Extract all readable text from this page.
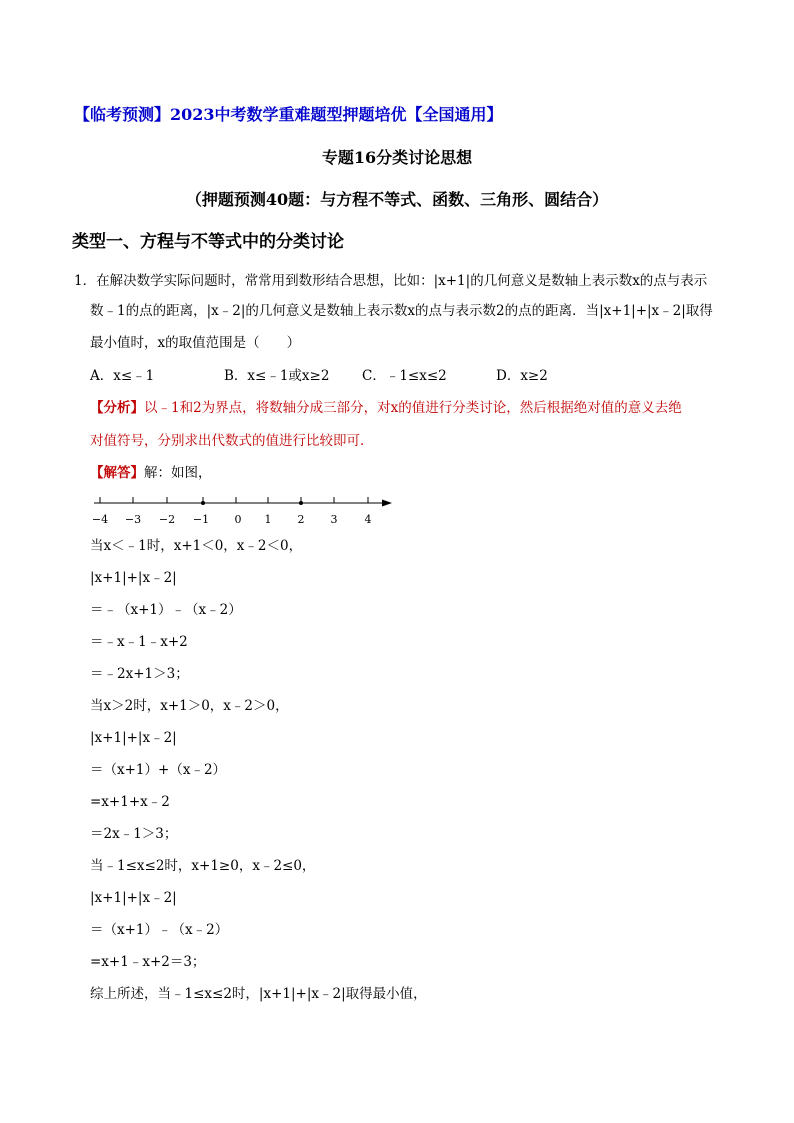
【临考预测】2023中考数学重难题型押题培优【全国通用】
专题16分类讨论思想
（押题预测40题：与方程不等式、函数、三角形、圆结合）
类型一、方程与不等式中的分类讨论
1．在解决数学实际问题时，常常用到数形结合思想，比如：|x+1|的几何意义是数轴上表示数x的点与表示
数﹣1的点的距离，|x﹣2|的几何意义是数轴上表示数x的点与表示数2的点的距离．当|x+1|+|x﹣2|取得
最小值时，x的取值范围是（　　）
A．x≤﹣1	B．x≤﹣1或x≥2 C．﹣1≤x≤2	D．x≥2
【分析】以﹣1和2为界点，将数轴分成三部分，对x的值进行分类讨论，然后根据绝对值的意义去绝
对值符号，分别求出代数式的值进行比较即可．
【解答】解：如图，
−4 −3 −2 −1 0 1 2 3 4
当x＜﹣1时，x+1＜0，x﹣2＜0，
|x+1|+|x﹣2|
＝﹣（x+1）﹣（x﹣2）
＝﹣x﹣1﹣x+2
＝﹣2x+1＞3；
当x＞2时，x+1＞0，x﹣2＞0，
|x+1|+|x﹣2|
＝（x+1）+（x﹣2）
=x+1+x﹣2
＝2x﹣1＞3；
当﹣1≤x≤2时，x+1≥0，x﹣2≤0，
|x+1|+|x﹣2|
＝（x+1）﹣（x﹣2）
=x+1﹣x+2＝3；
综上所述，当﹣1≤x≤2时，|x+1|+|x﹣2|取得最小值，
